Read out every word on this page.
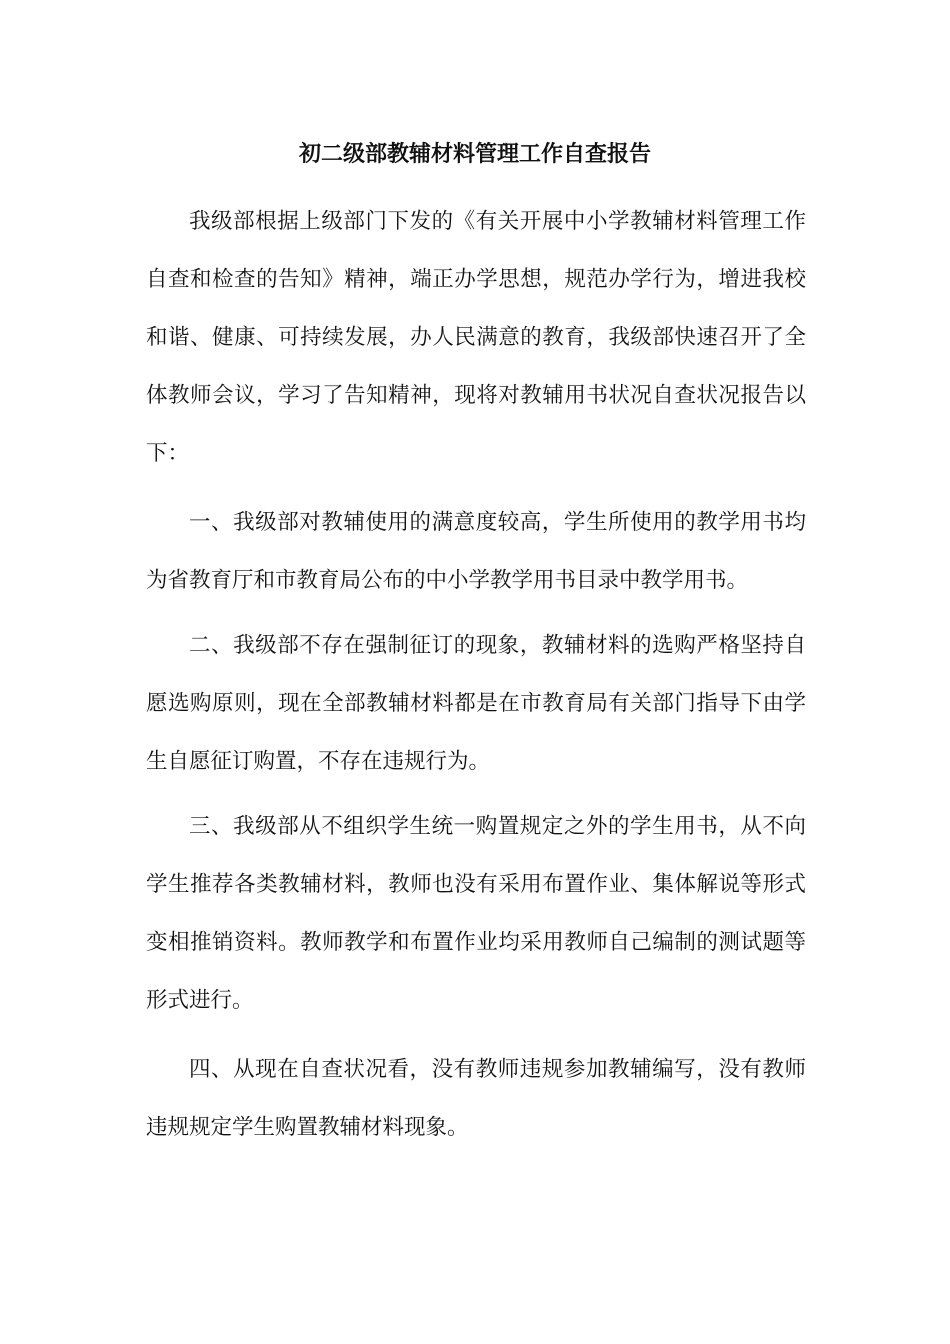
初二级部教辅材料管理工作自查报告

我级部根据上级部门下发的《有关开展中小学教辅材料管理工作自查和检查的告知》精神，端正办学思想，规范办学行为，增进我校和谐、健康、可持续发展，办人民满意的教育，我级部快速召开了全体教师会议，学习了告知精神，现将对教辅用书状况自查状况报告以下：

一、我级部对教辅使用的满意度较高，学生所使用的教学用书均为省教育厅和市教育局公布的中小学教学用书目录中教学用书。

二、我级部不存在强制征订的现象，教辅材料的选购严格坚持自愿选购原则，现在全部教辅材料都是在市教育局有关部门指导下由学生自愿征订购置，不存在违规行为。

三、我级部从不组织学生统一购置规定之外的学生用书，从不向学生推荐各类教辅材料，教师也没有采用布置作业、集体解说等形式变相推销资料。教师教学和布置作业均采用教师自己编制的测试题等形式进行。

四、从现在自查状况看，没有教师违规参加教辅编写，没有教师违规规定学生购置教辅材料现象。
